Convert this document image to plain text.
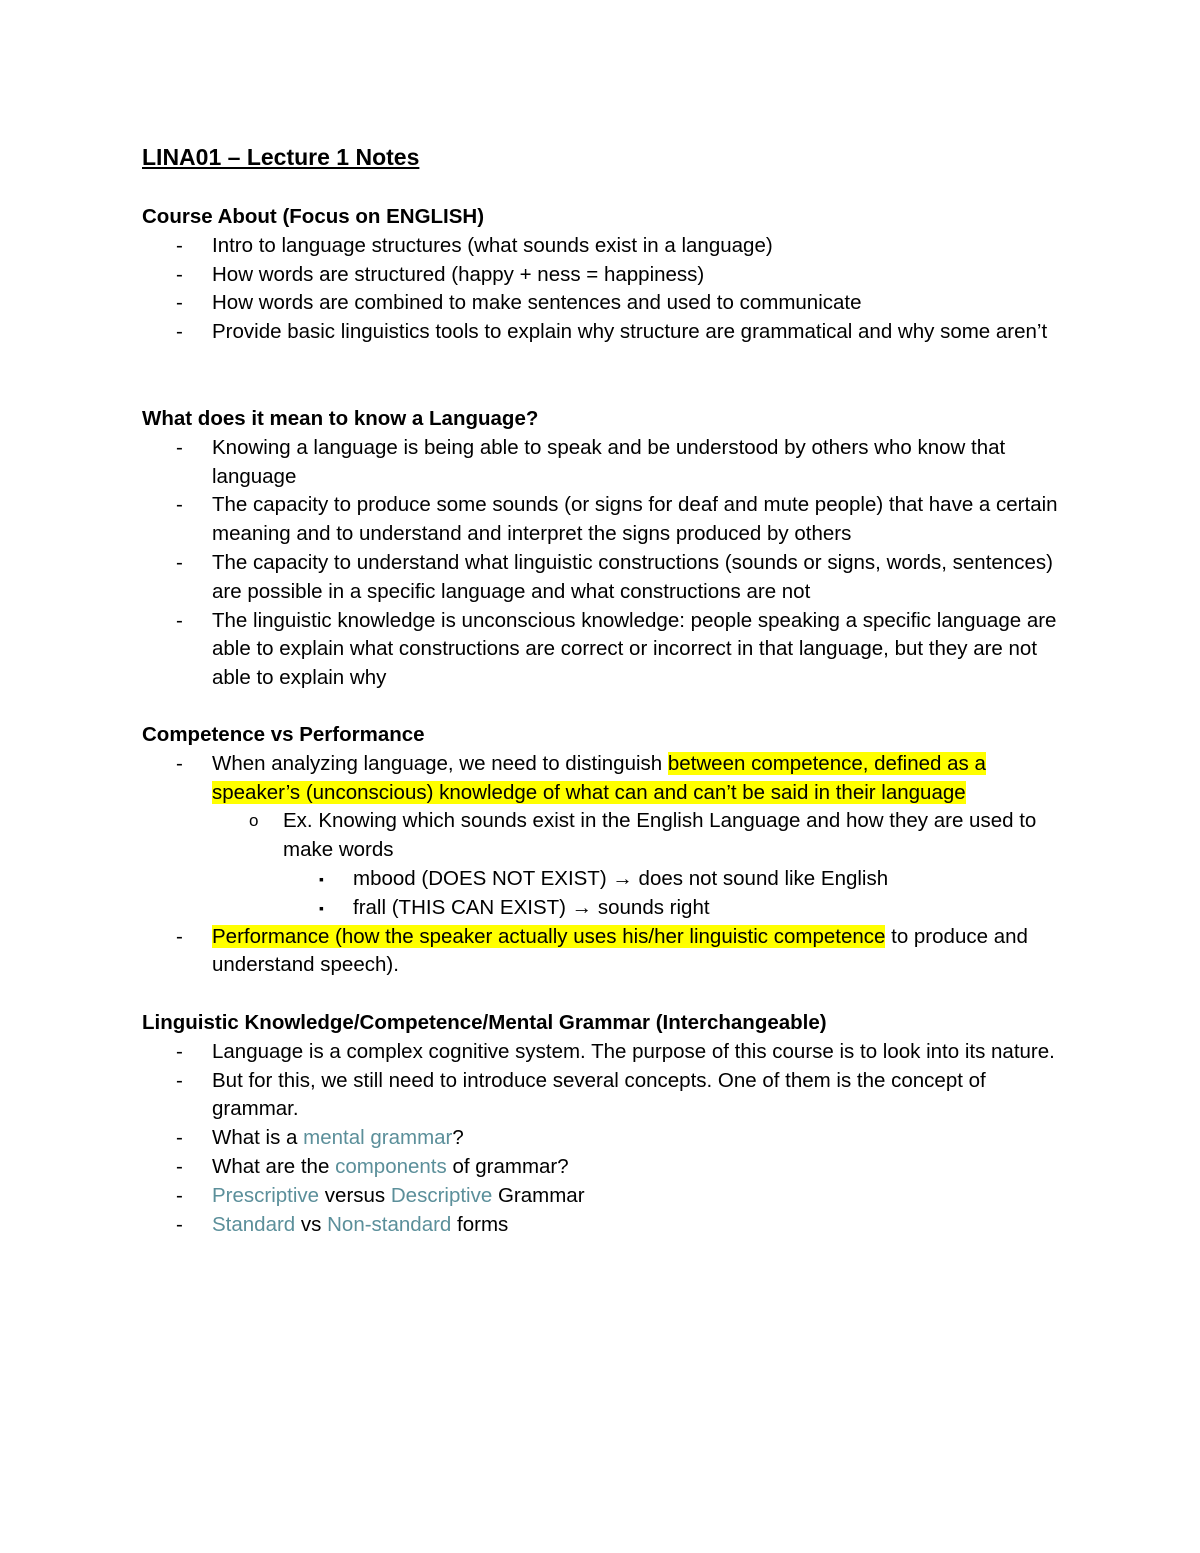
LINA01 – Lecture 1 Notes
Course About (Focus on ENGLISH)
- Intro to language structures (what sounds exist in a language)
- How words are structured (happy + ness = happiness)
- How words are combined to make sentences and used to communicate
- Provide basic linguistics tools to explain why structure are grammatical and why some aren’t
What does it mean to know a Language?
- Knowing a language is being able to speak and be understood by others who know that language
- The capacity to produce some sounds (or signs for deaf and mute people) that have a certain meaning and to understand and interpret the signs produced by others
- The capacity to understand what linguistic constructions (sounds or signs, words, sentences) are possible in a specific language and what constructions are not
- The linguistic knowledge is unconscious knowledge: people speaking a specific language are able to explain what constructions are correct or incorrect in that language, but they are not able to explain why
Competence vs Performance
- When analyzing language, we need to distinguish between competence, defined as a speaker’s (unconscious) knowledge of what can and can’t be said in their language
o Ex. Knowing which sounds exist in the English Language and how they are used to make words
▪ mbood (DOES NOT EXIST) → does not sound like English
▪ frall (THIS CAN EXIST) → sounds right
- Performance (how the speaker actually uses his/her linguistic competence to produce and understand speech).
Linguistic Knowledge/Competence/Mental Grammar (Interchangeable)
- Language is a complex cognitive system. The purpose of this course is to look into its nature.
- But for this, we still need to introduce several concepts. One of them is the concept of grammar.
- What is a mental grammar?
- What are the components of grammar?
- Prescriptive versus Descriptive Grammar
- Standard vs Non-standard forms
